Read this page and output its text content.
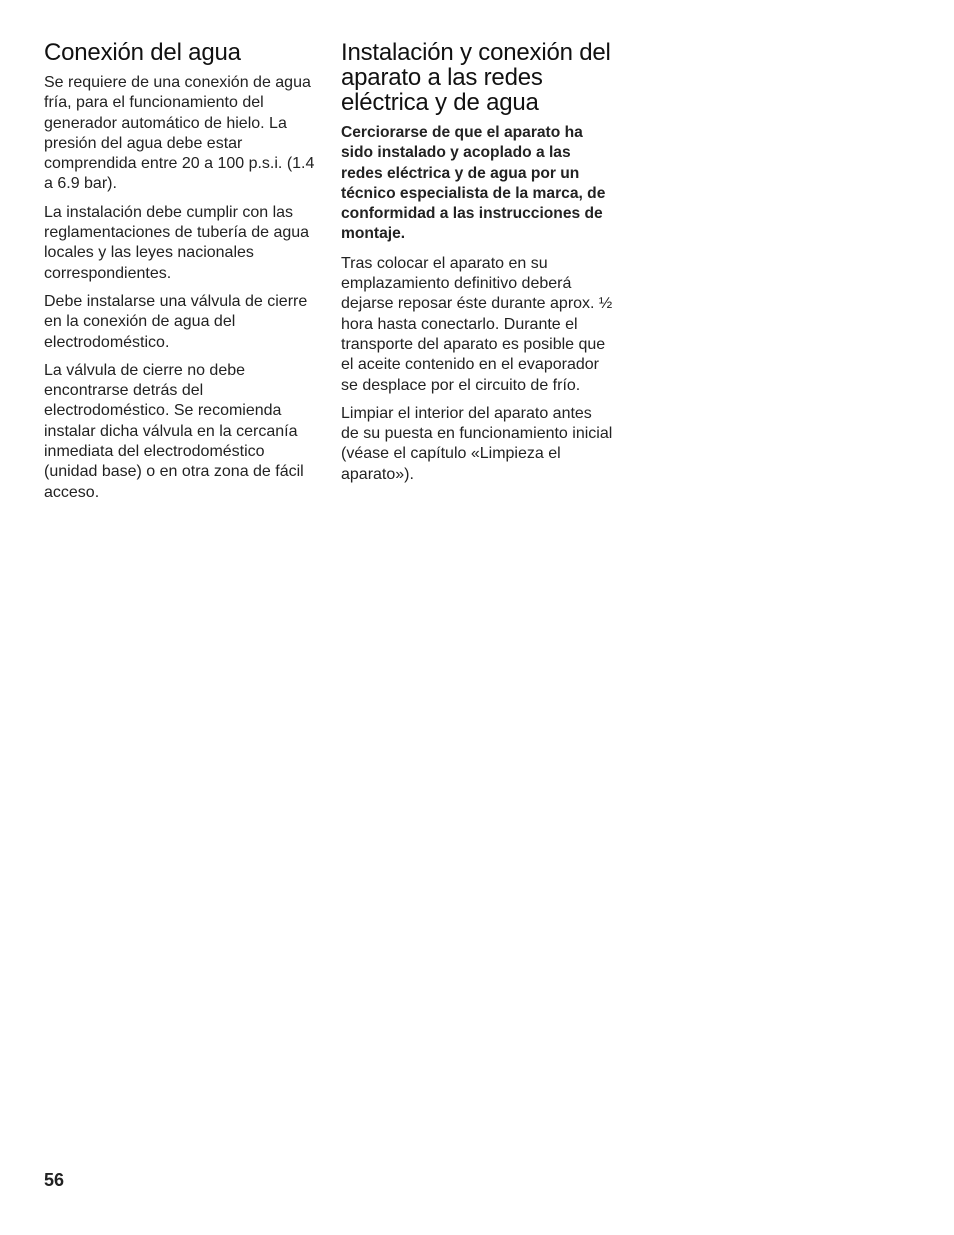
Conexión del agua

Se requiere de una conexión de agua fría, para el funcionamiento del generador automático de hielo. La presión del agua debe estar comprendida entre 20 a 100 p.s.i. (1.4 a 6.9 bar).

La instalación debe cumplir con las reglamentaciones de tubería de agua locales y las leyes nacionales correspondientes.

Debe instalarse una válvula de cierre en la conexión de agua del electrodoméstico.

La válvula de cierre no debe encontrarse detrás del electrodoméstico. Se recomienda instalar dicha válvula en la cercanía inmediata del electrodoméstico (unidad base) o en otra zona de fácil acceso.

Instalación y conexión del aparato a las redes eléctrica y de agua

Cerciorarse de que el aparato ha sido instalado y acoplado a las redes eléctrica y de agua por un técnico especialista de la marca, de conformidad a las instrucciones de montaje.

Tras colocar el aparato en su emplazamiento definitivo deberá dejarse reposar éste durante aprox. ½ hora hasta conectarlo. Durante el transporte del aparato es posible que el aceite contenido en el evaporador se desplace por el circuito de frío.

Limpiar el interior del aparato antes de su puesta en funcionamiento inicial (véase el capítulo «Limpieza el aparato»).

56
